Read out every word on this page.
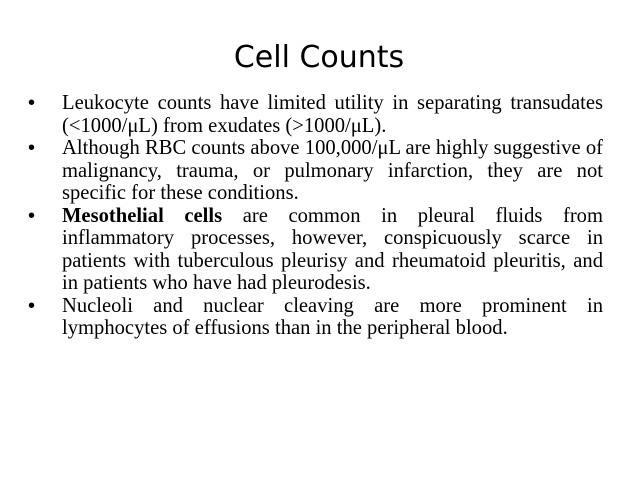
Cell Counts
•	Leukocyte counts have limited utility in separating transudates (<1000/μL) from exudates (>1000/μL).
•	Although RBC counts above 100,000/μL are highly suggestive of malignancy, trauma, or pulmonary infarction, they are not specific for these conditions.
•	Mesothelial cells are common in pleural fluids from inflammatory processes, however, conspicuously scarce in patients with tuberculous pleurisy and rheumatoid pleuritis, and in patients who have had pleurodesis.
•	Nucleoli and nuclear cleaving are more prominent in lymphocytes of effusions than in the peripheral blood.
